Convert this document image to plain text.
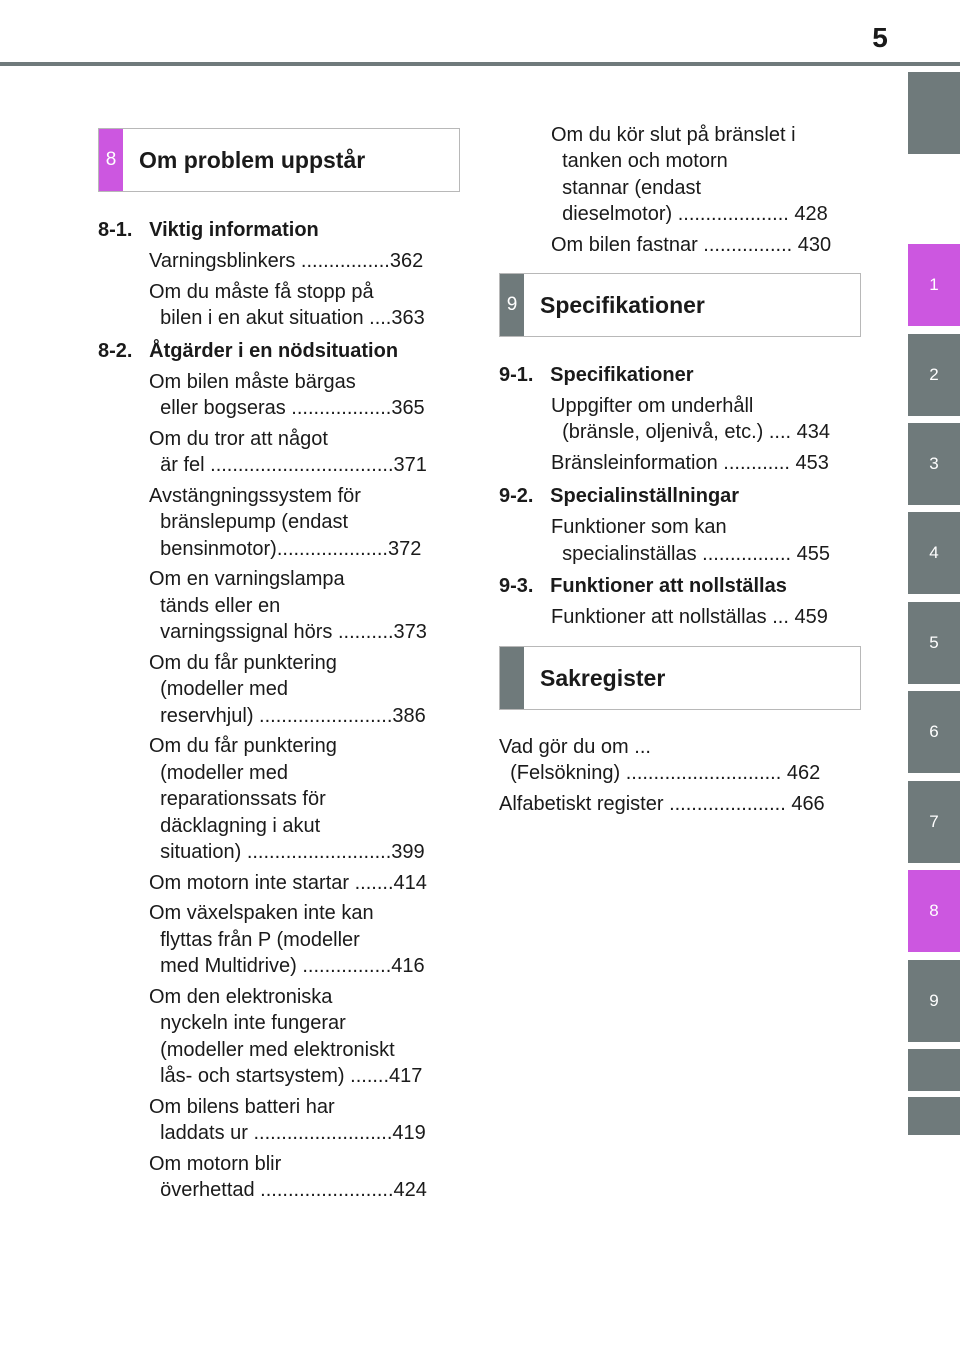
5
1
2
3
4
5
6
7
8
9
8 Om problem uppstår
8-1.   Viktig information
Varningsblinkers ................362
Om du måste få stopp på
bilen i en akut situation ....363
8-2.   Åtgärder i en nödsituation
Om bilen måste bärgas
eller bogseras ..................365
Om du tror att något
är fel .................................371
Avstängningssystem för
bränslepump (endast
bensinmotor)....................372
Om en varningslampa
tänds eller en
varningssignal hörs ..........373
Om du får punktering
(modeller med
reservhjul) ........................386
Om du får punktering
(modeller med
reparationssats för
däcklagning i akut
situation) ..........................399
Om motorn inte startar .......414
Om växelspaken inte kan
flyttas från P (modeller
med Multidrive) ................416
Om den elektroniska
nyckeln inte fungerar
(modeller med elektroniskt
lås- och startsystem) .......417
Om bilens batteri har
laddats ur .........................419
Om motorn blir
överhettad ........................424
Om du kör slut på bränslet i
tanken och motorn
stannar (endast
dieselmotor) .................... 428
Om bilen fastnar ................ 430
9 Specifikationer
9-1.   Specifikationer
Uppgifter om underhåll
(bränsle, oljenivå, etc.) .... 434
Bränsleinformation ............ 453
9-2.   Specialinställningar
Funktioner som kan
specialinställas ................ 455
9-3.   Funktioner att nollställas
Funktioner att nollställas ... 459
Sakregister
Vad gör du om ...
(Felsökning) ............................ 462
Alfabetiskt register ..................... 466
